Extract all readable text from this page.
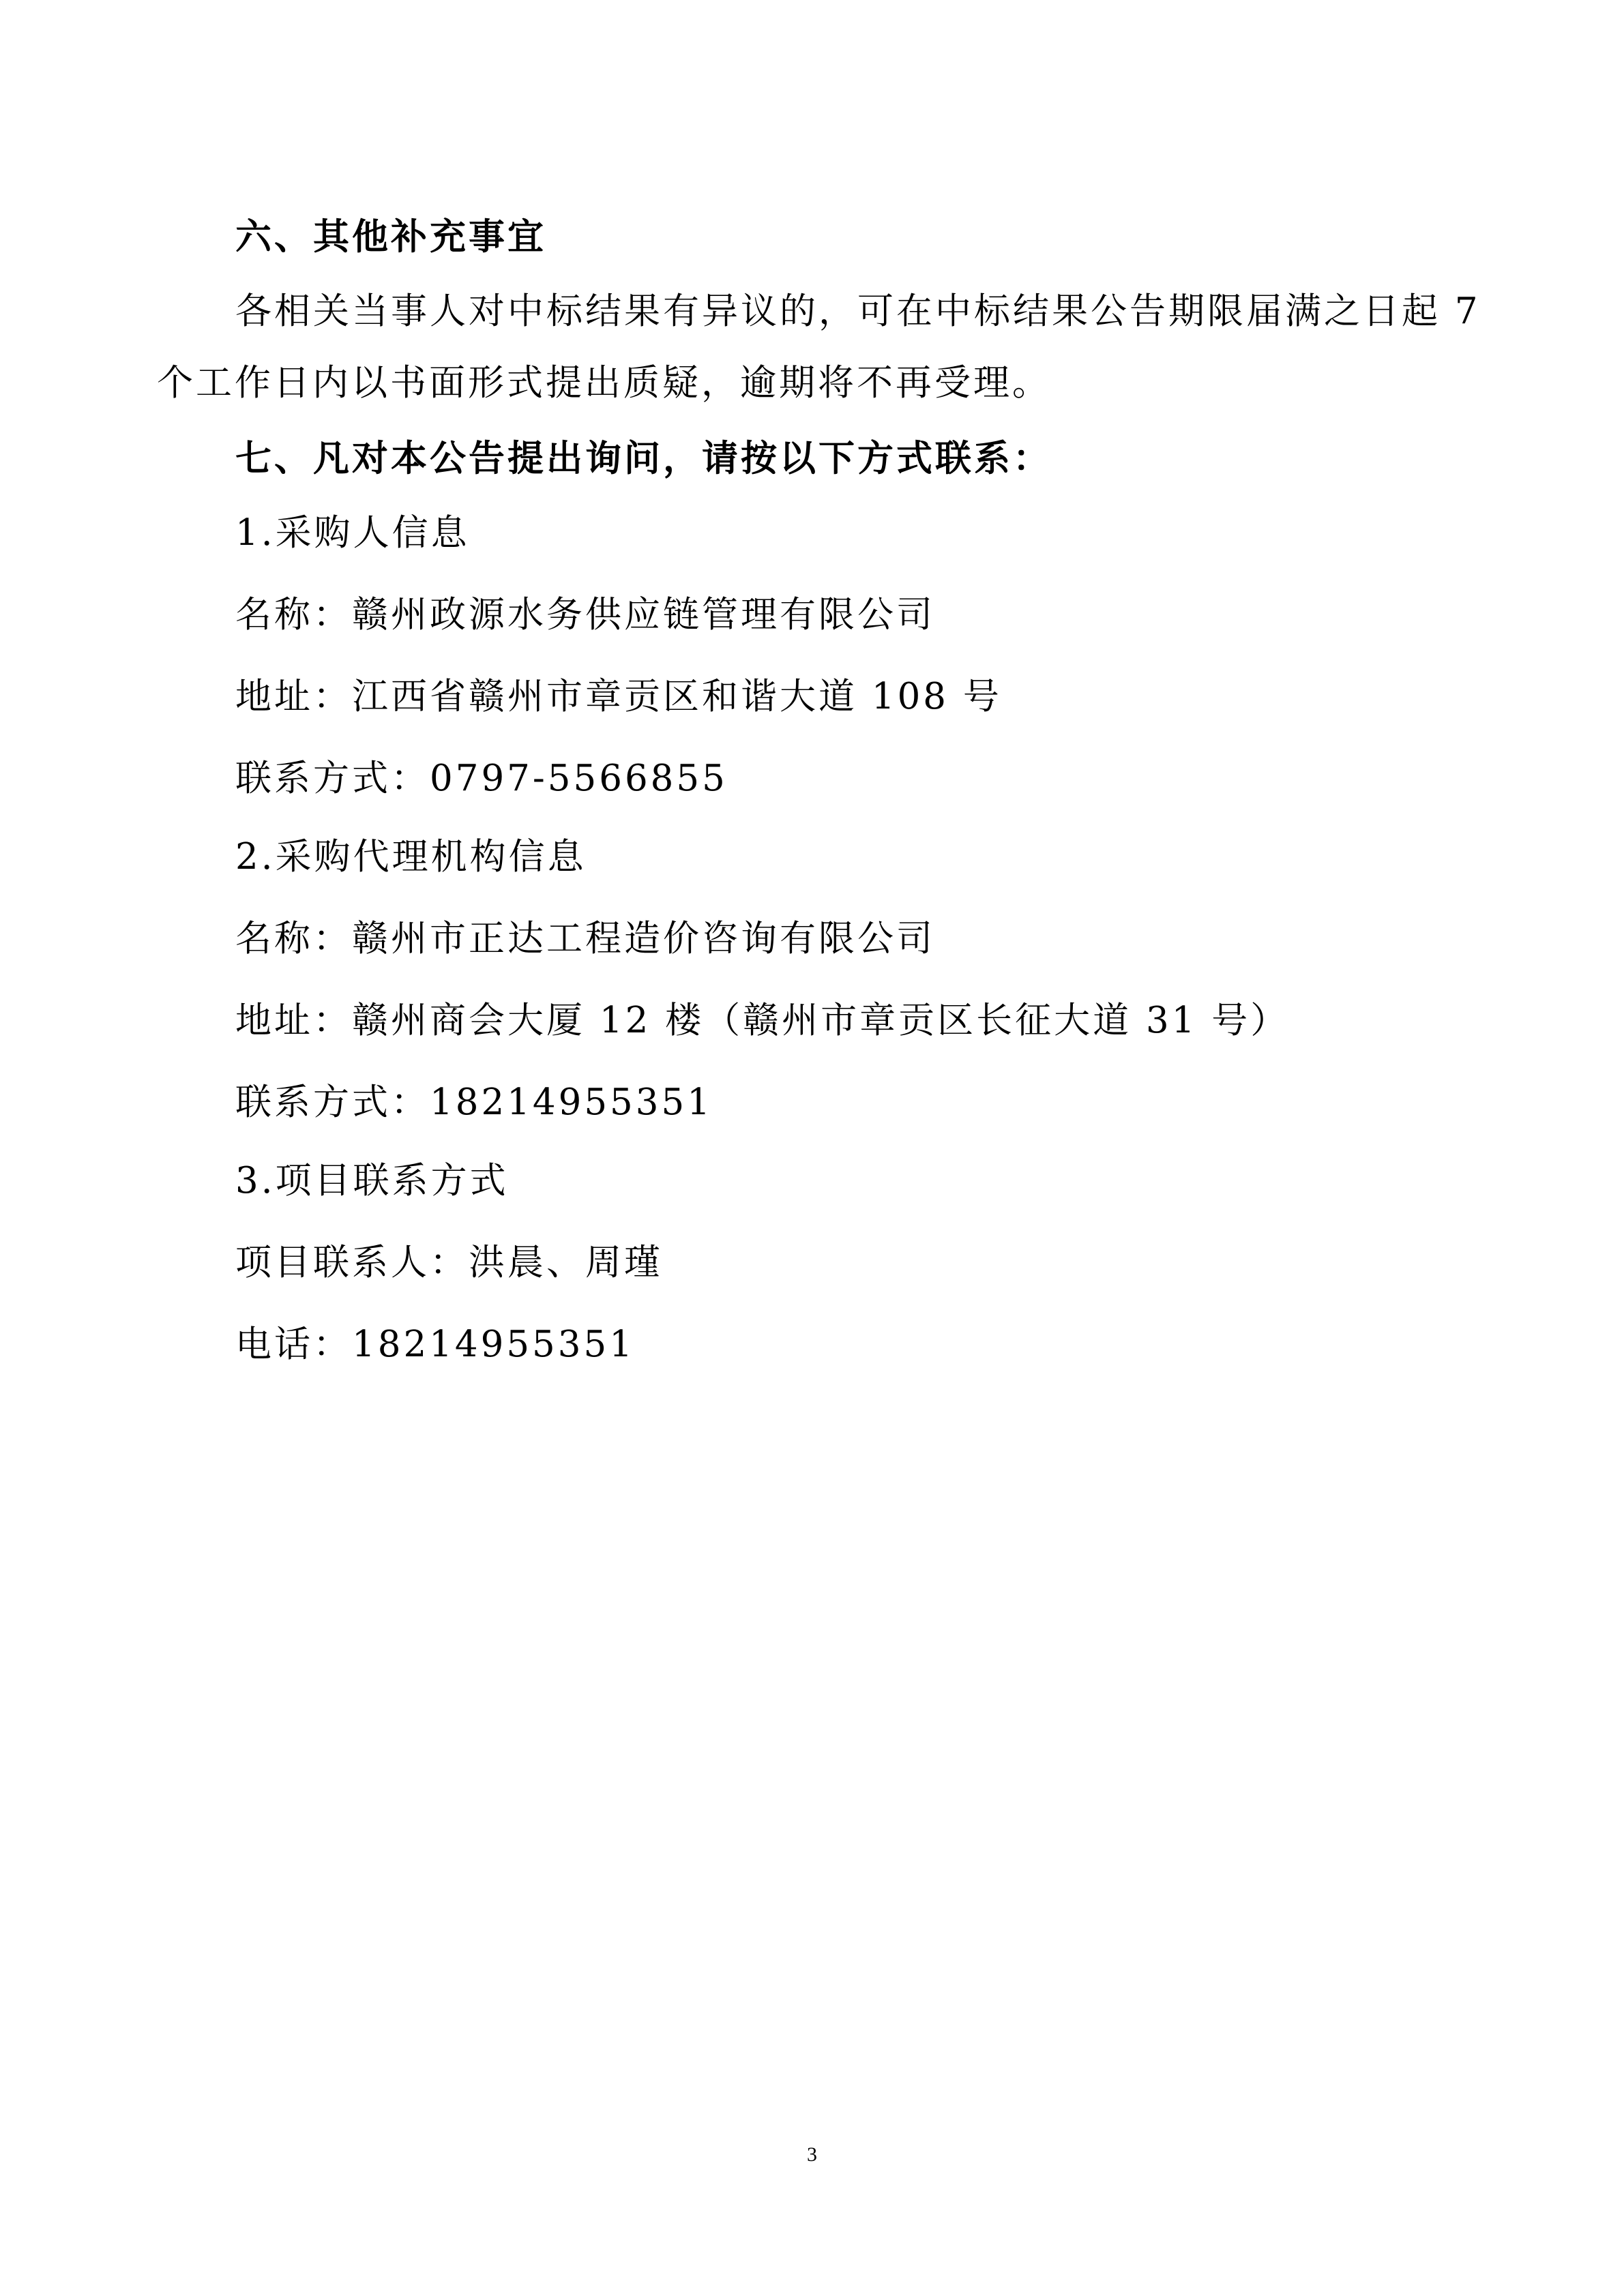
六、其他补充事宜
各相关当事人对中标结果有异议的，可在中标结果公告期限届满之日起 7
个工作日内以书面形式提出质疑，逾期将不再受理。
七、凡对本公告提出询问，请按以下方式联系：
1.采购人信息
名称：赣州政源水务供应链管理有限公司
地址：江西省赣州市章贡区和谐大道 108 号
联系方式：0797-5566855
2.采购代理机构信息
名称：赣州市正达工程造价咨询有限公司
地址：赣州商会大厦 12 楼（赣州市章贡区长征大道 31 号）
联系方式：18214955351
3.项目联系方式
项目联系人：洪晨、周瑾
电话：18214955351
3
